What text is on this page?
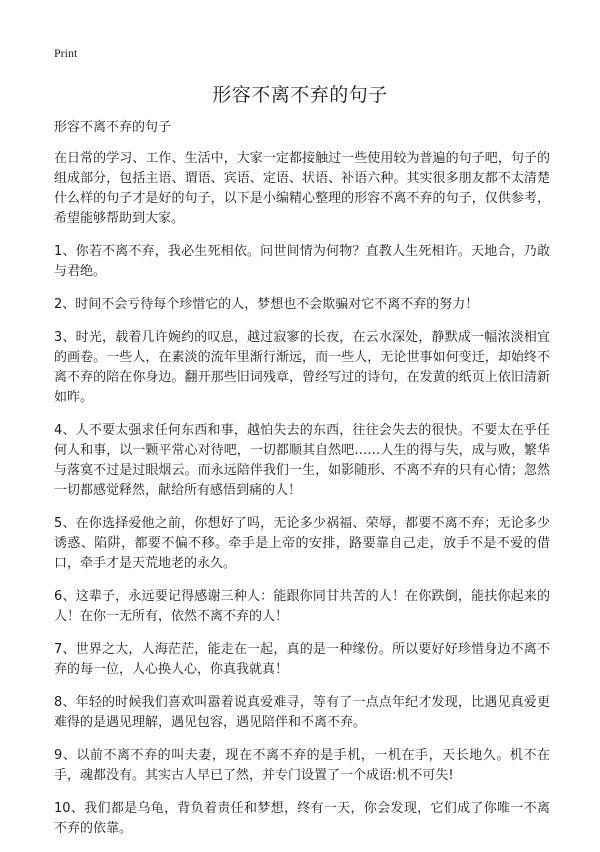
Print
形容不离不弃的句子

形容不离不弃的句子

在日常的学习、工作、生活中，大家一定都接触过一些使用较为普遍的句子吧，句子的组成部分，包括主语、谓语、宾语、定语、状语、补语六种。其实很多朋友都不太清楚什么样的句子才是好的句子，以下是小编精心整理的形容不离不弃的句子，仅供参考，希望能够帮助到大家。

1、你若不离不弃，我必生死相依。问世间情为何物？直教人生死相许。天地合，乃敢与君绝。

2、时间不会亏待每个珍惜它的人，梦想也不会欺骗对它不离不弃的努力！

3、时光，载着几许婉约的叹息，越过寂寥的长夜，在云水深处，静默成一幅浓淡相宜的画卷。一些人，在素淡的流年里渐行渐远，而一些人，无论世事如何变迁，却始终不离不弃的陪在你身边。翻开那些旧词残章，曾经写过的诗句，在发黄的纸页上依旧清新如昨。

4、人不要太强求任何东西和事，越怕失去的东西，往往会失去的很快。不要太在乎任何人和事，以一颗平常心对待吧，一切都顺其自然吧……人生的得与失，成与败，繁华与落寞不过是过眼烟云。而永远陪伴我们一生，如影随形、不离不弃的只有心情；忽然一切都感觉释然，献给所有感悟到痛的人！

5、在你选择爱他之前，你想好了吗，无论多少祸福、荣辱，都要不离不弃；无论多少诱惑、陷阱，都要不偏不移。牵手是上帝的安排，路要靠自己走，放手不是不爱的借口，牵手才是天荒地老的永久。

6、这辈子，永远要记得感谢三种人：能跟你同甘共苦的人！在你跌倒，能扶你起来的人！在你一无所有，依然不离不弃的人！

7、世界之大，人海茫茫，能走在一起，真的是一种缘份。所以要好好珍惜身边不离不弃的每一位，人心换人心，你真我就真！

8、年轻的时候我们喜欢叫嚣着说真爱难寻，等有了一点点年纪才发现，比遇见真爱更难得的是遇见理解，遇见包容，遇见陪伴和不离不弃。

9、以前不离不弃的叫夫妻，现在不离不弃的是手机，一机在手，天长地久。机不在手，魂都没有。其实古人早已了然，并专门设置了一个成语:机不可失!

10、我们都是乌龟，背负着责任和梦想，终有一天，你会发现，它们成了你唯一不离不弃的依靠。
